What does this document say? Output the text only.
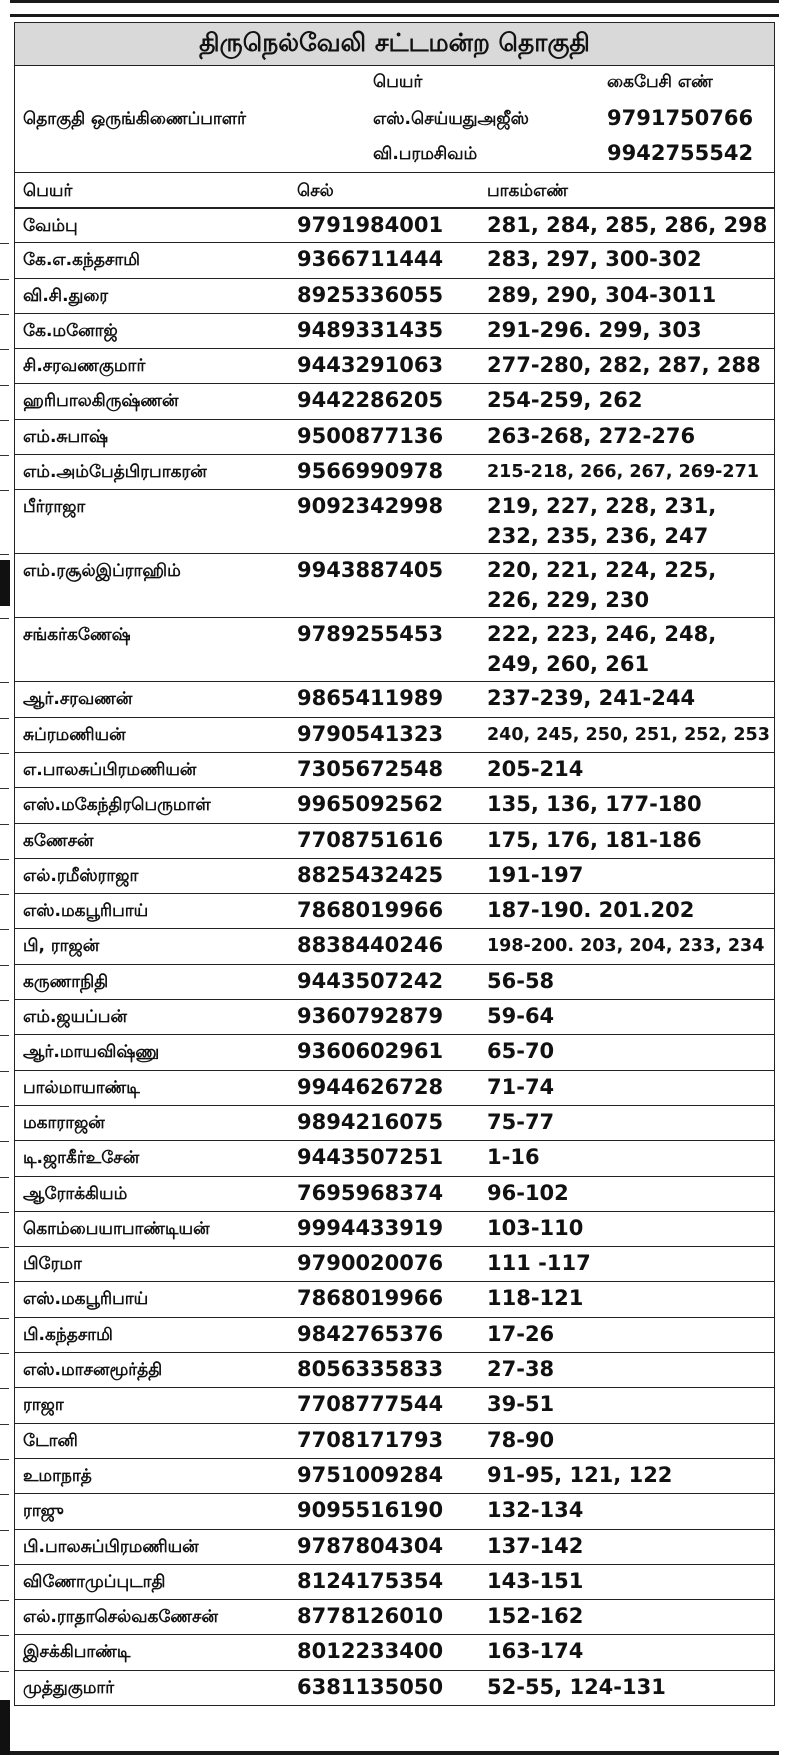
திருநெல்வேலி சட்டமன்ற தொகுதி
பெயர்	கைபேசி எண்
தொகுதி ஒருங்கிணைப்பாளர்	எஸ்.செய்யதுஅஜீஸ்	9791750766
வி.பரமசிவம்	9942755542
பெயர்	செல்	பாகம்எண்
வேம்பு	9791984001 281, 284, 285, 286, 298
கே.எ.கந்தசாமி	9366711444 283, 297, 300-302
வி.சி.துரை	8925336055 289, 290, 304-3011
கே.மனோஜ்	9489331435 291-296. 299, 303
சி.சரவணகுமார்	9443291063 277-280, 282, 287, 288
ஹரிபாலகிருஷ்ணன்	9442286205 254-259, 262
எம்.சுபாஷ்	9500877136 263-268, 272-276
எம்.அம்பேத்பிரபாகரன்	9566990978	215-218, 266, 267, 269-271
பீர்ராஜா	9092342998 219, 227, 228, 231,
232, 235, 236, 247
எம்.ரசூல்இப்ராஹிம்	9943887405 220, 221, 224, 225,
226, 229, 230
சங்கர்கணேஷ்	9789255453 222, 223, 246, 248,
249, 260, 261
ஆர்.சரவணன்	9865411989 237-239, 241-244
சுப்ரமணியன்	9790541323	240, 245, 250, 251, 252, 253
எ.பாலசுப்பிரமணியன்	7305672548 205-214
எஸ்.மகேந்திரபெருமாள்	9965092562 135, 136, 177-180
கணேசன்	7708751616 175, 176, 181-186
எல்.ரமீஸ்ராஜா	8825432425 191-197
எஸ்.மகபூரிபாய்	7868019966 187-190. 201.202
பி, ராஜன்	8838440246	198-200. 203, 204, 233, 234
கருணாநிதி	9443507242 56-58
எம்.ஜயப்பன்	9360792879 59-64
ஆர்.மாயவிஷ்ணு	9360602961 65-70
பால்மாயாண்டி	9944626728 71-74
மகாராஜன்	9894216075 75-77
டி.ஜாகீர்உசேன்	9443507251 1-16
ஆரோக்கியம்	7695968374 96-102
கொம்பையாபாண்டியன்	9994433919 103-110
பிரேமா	9790020076 111 -117
எஸ்.மகபூரிபாய்	7868019966 118-121
பி.கந்தசாமி	9842765376 17-26
எஸ்.மாசனமூர்த்தி	8056335833 27-38
ராஜா	7708777544 39-51
டோனி	7708171793 78-90
உமாநாத்	9751009284 91-95, 121, 122
ராஜு	9095516190 132-134
பி.பாலசுப்பிரமணியன்	9787804304 137-142
விணோமுப்புடாதி	8124175354 143-151
எல்.ராதாசெல்வகணேசன்	8778126010 152-162
இசக்கிபாண்டி	8012233400 163-174
முத்துகுமார்	6381135050 52-55, 124-131
